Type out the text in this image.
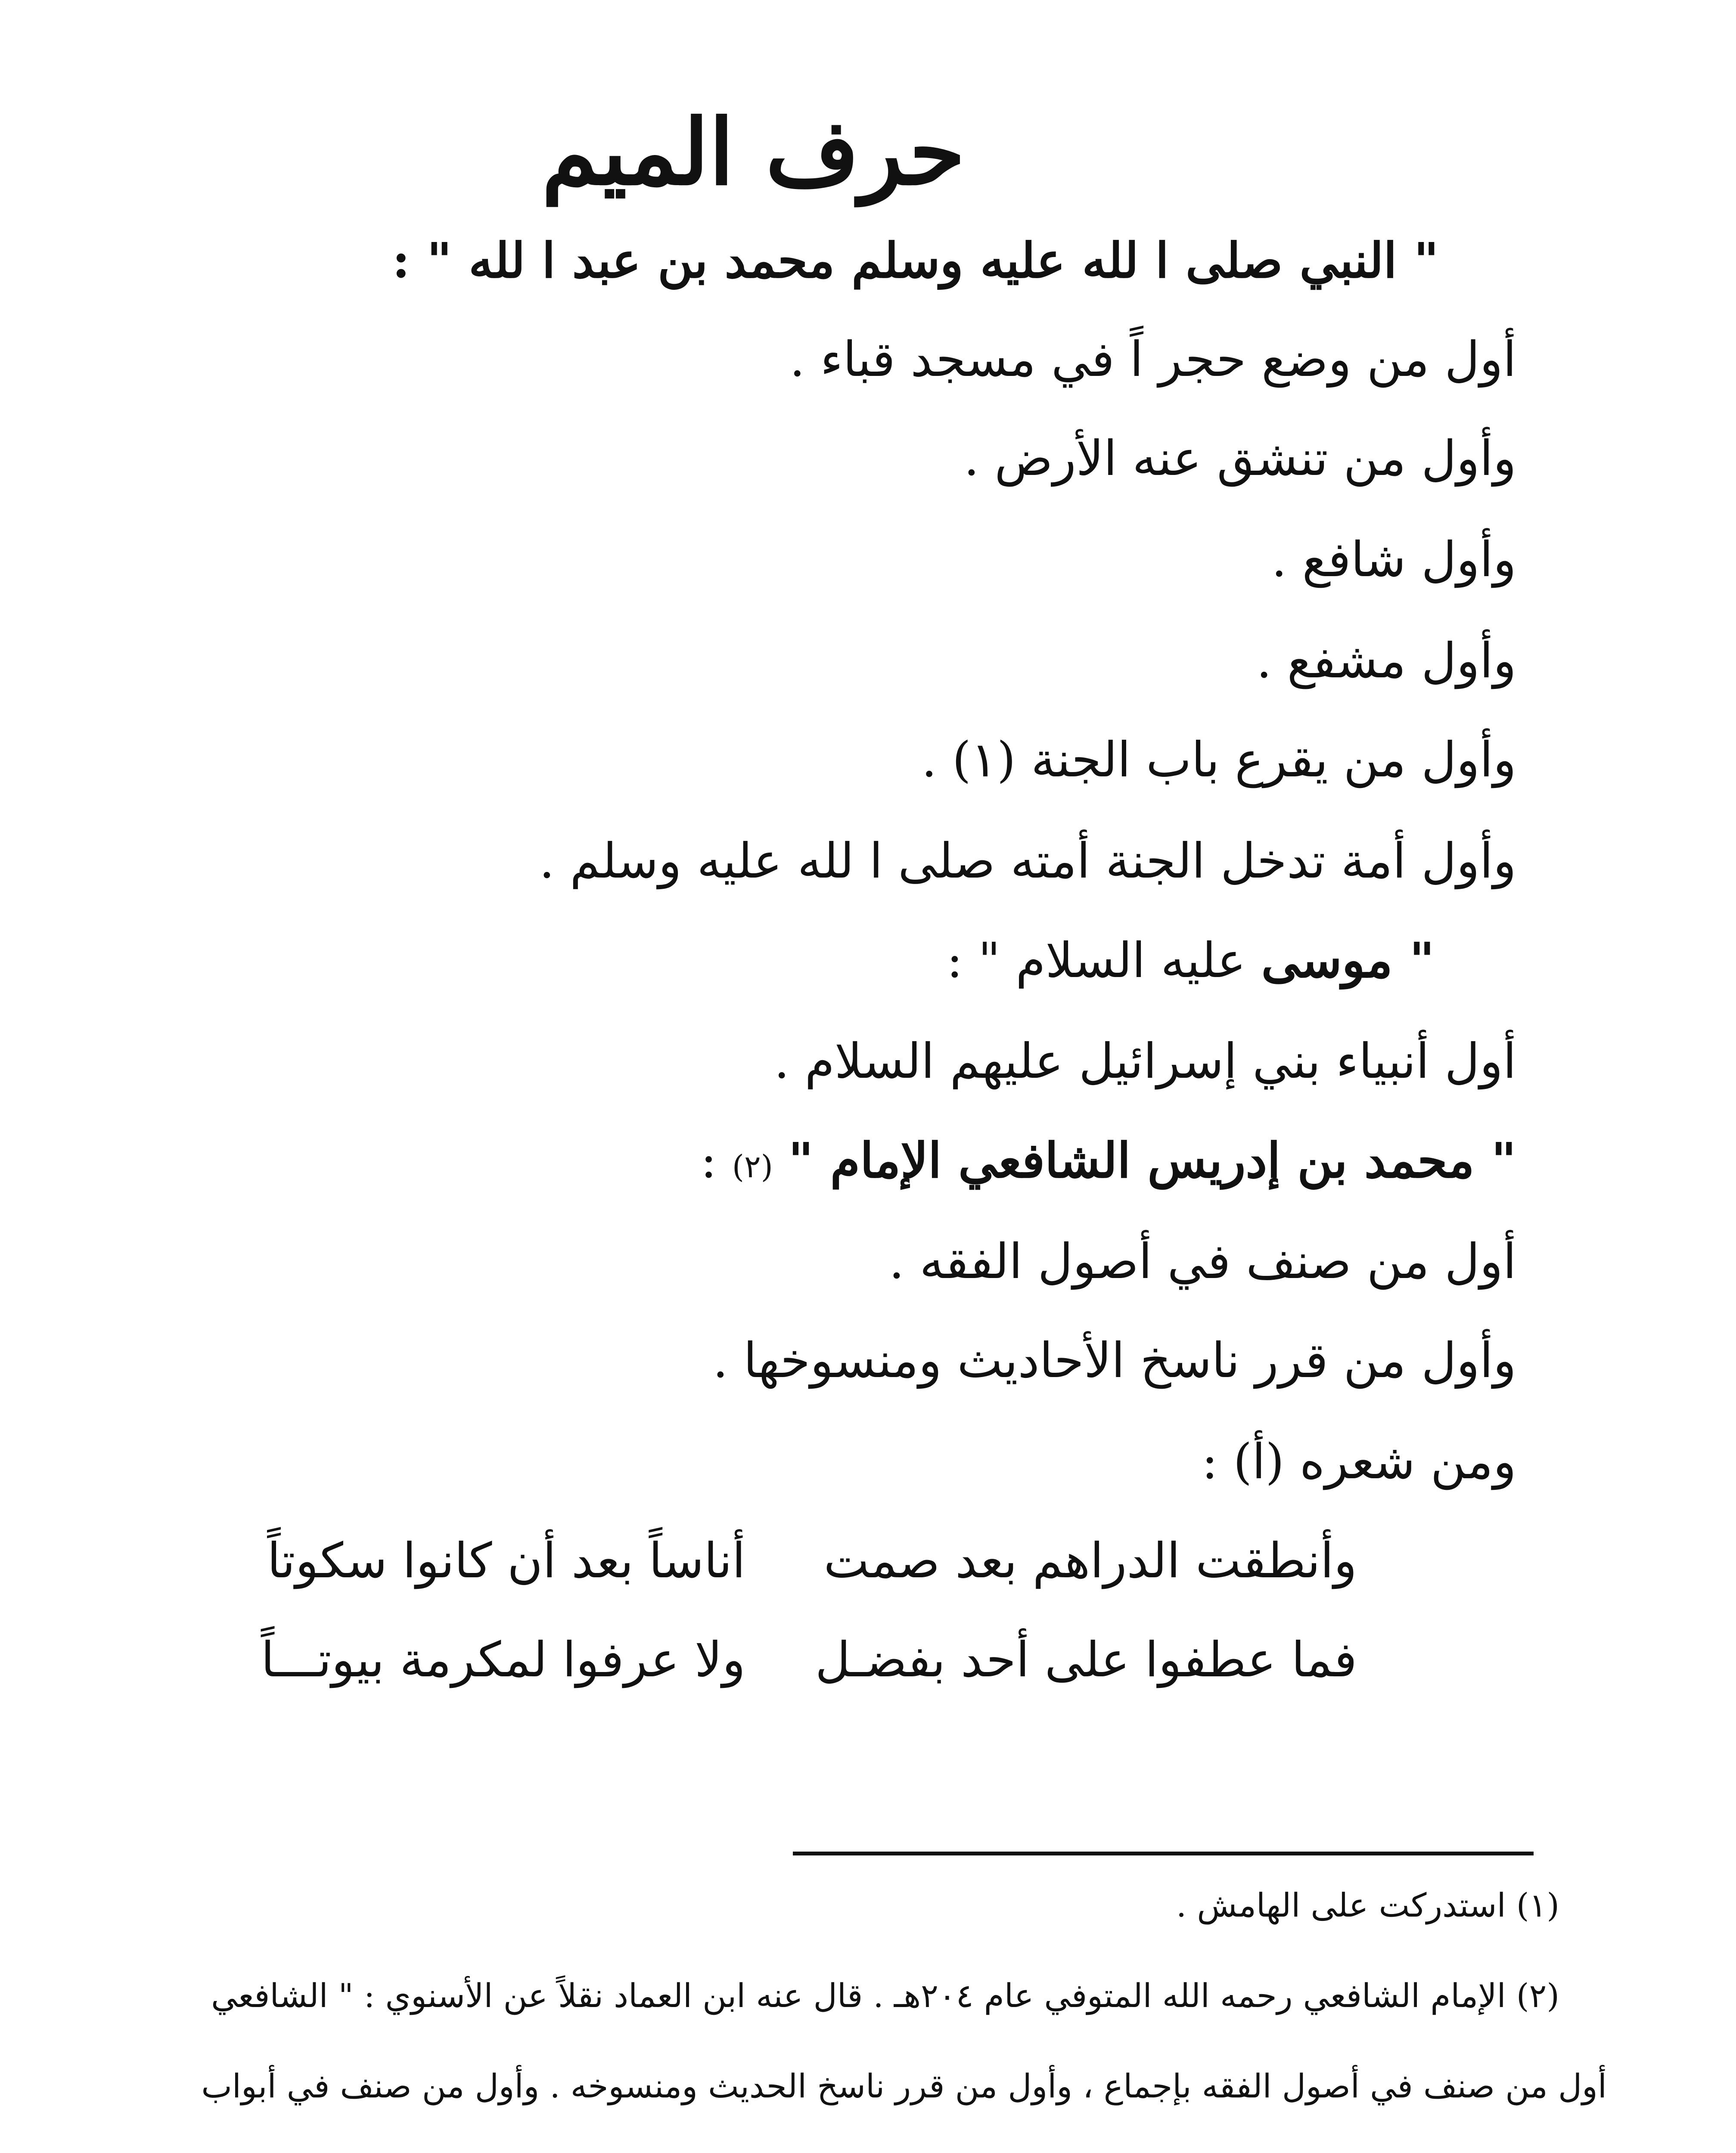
حرف الميم
" النبي صلى ا لله عليه وسلم محمد بن عبد ا لله " :
أول من وضع حجر اً في مسجد قباء .
وأول من تنشق عنه الأرض .
وأول شافع .
وأول مشفع .
وأول من يقرع باب الجنة (١) .
وأول أمة تدخل الجنة أمته صلى ا لله عليه وسلم .
" موسى عليه السلام " :
أول أنبياء بني إسرائيل عليهم السلام .
" محمد بن إدريس الشافعي الإمام " (٢) :
أول من صنف في أصول الفقه .
وأول من قرر ناسخ الأحاديث ومنسوخها .
ومن شعره (أ) :
وأنطقت الدراهم بعد صمت
أناساً بعد أن كانوا سكوتاً
فما عطفوا على أحد بفضـل
ولا عرفوا لمكرمة بيوتـــاً
(١) استدركت على الهامش .
(٢) الإمام الشافعي رحمه الله المتوفي عام ٢٠٤هـ . قال عنه ابن العماد نقلاً عن الأسنوي : " الشافعي
أول من صنف في أصول الفقه بإجماع ، وأول من قرر ناسخ الحديث ومنسوخه . وأول من صنف في أبواب
